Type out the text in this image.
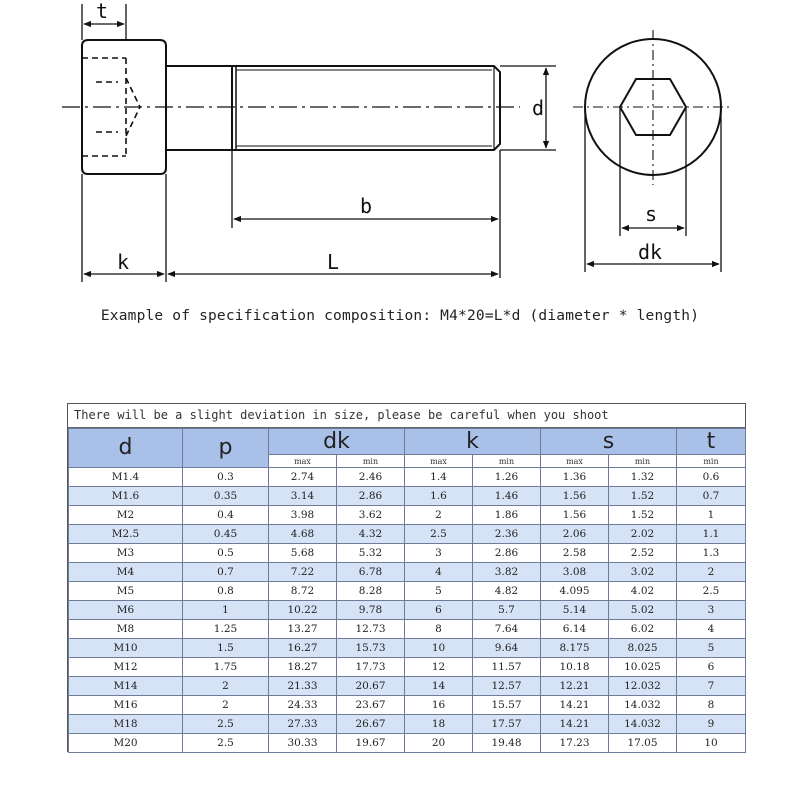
t
d
b
k	L
s
dk
Example of specification composition: M4*20=L*d (diameter * length)
There will be a slight deviation in size, please be careful when you shoot
d	p	dk		k		s		t
		max	min	max	min	max	min	min
M1.4	0.3	2.74	2.46	1.4	1.26	1.36	1.32	0.6
M1.6	0.35	3.14	2.86	1.6	1.46	1.56	1.52	0.7
M2	0.4	3.98	3.62	2	1.86	1.56	1.52	1
M2.5	0.45	4.68	4.32	2.5	2.36	2.06	2.02	1.1
M3	0.5	5.68	5.32	3	2.86	2.58	2.52	1.3
M4	0.7	7.22	6.78	4	3.82	3.08	3.02	2
M5	0.8	8.72	8.28	5	4.82	4.095	4.02	2.5
M6	1	10.22	9.78	6	5.7	5.14	5.02	3
M8	1.25	13.27	12.73	8	7.64	6.14	6.02	4
M10	1.5	16.27	15.73	10	9.64	8.175	8.025	5
M12	1.75	18.27	17.73	12	11.57	10.18	10.025	6
M14	2	21.33	20.67	14	12.57	12.21	12.032	7
M16	2	24.33	23.67	16	15.57	14.21	14.032	8
M18	2.5	27.33	26.67	18	17.57	14.21	14.032	9
M20	2.5	30.33	19.67	20	19.48	17.23	17.05	10
